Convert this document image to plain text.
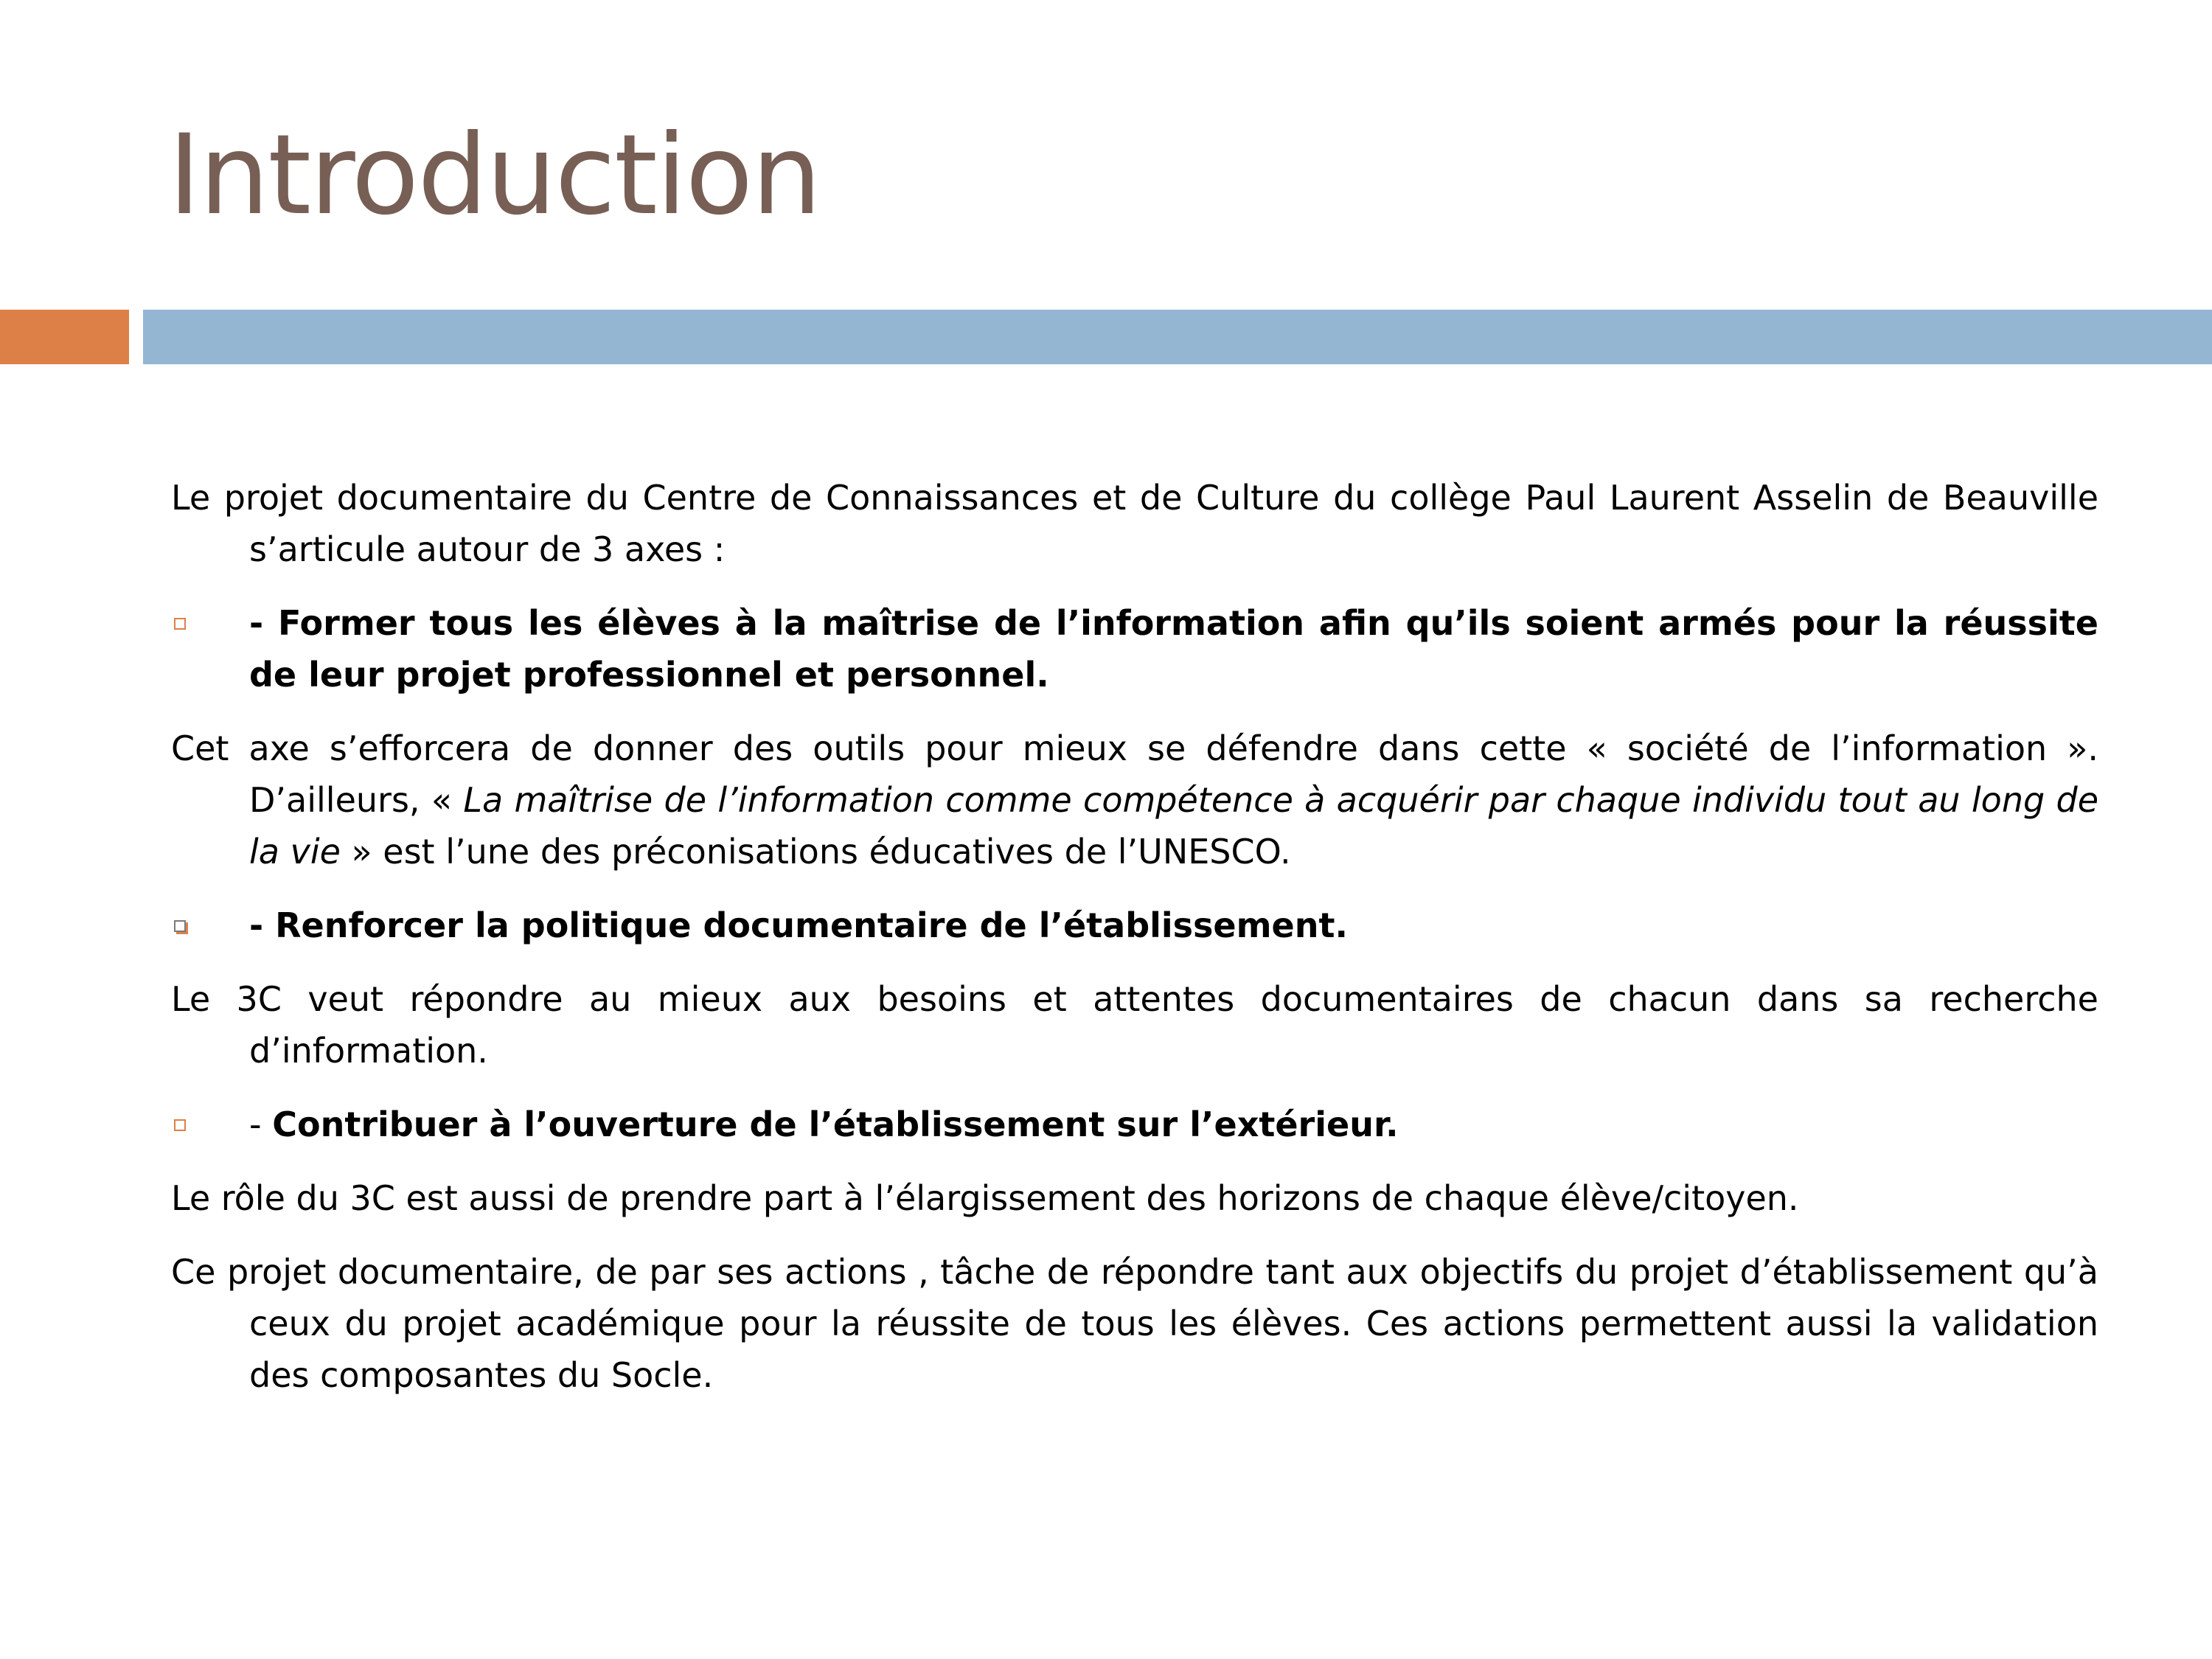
Introduction

Le projet documentaire du Centre de Connaissances et de Culture du collège Paul Laurent Asselin de Beauville s’articule autour de 3 axes :

- Former tous les élèves à la maîtrise de l’information afin qu’ils soient armés pour la réussite de leur projet professionnel et personnel.

Cet axe s’efforcera de donner des outils pour mieux se défendre dans cette « société de l’information ». D’ailleurs, « La maîtrise de l’information comme compétence à acquérir par chaque individu tout au long de la vie » est l’une des préconisations éducatives de l’UNESCO.

- Renforcer la politique documentaire de l’établissement.

Le 3C veut répondre au mieux aux besoins et attentes documentaires de chacun dans sa recherche d’information.

- Contribuer à l’ouverture de l’établissement sur l’extérieur.

Le rôle du 3C est aussi de prendre part à l’élargissement des horizons de chaque élève/citoyen.

Ce projet documentaire, de par ses actions , tâche de répondre tant aux objectifs du projet d’établissement qu’à ceux du projet académique pour la réussite de tous les élèves. Ces actions permettent aussi la validation des composantes du Socle.
